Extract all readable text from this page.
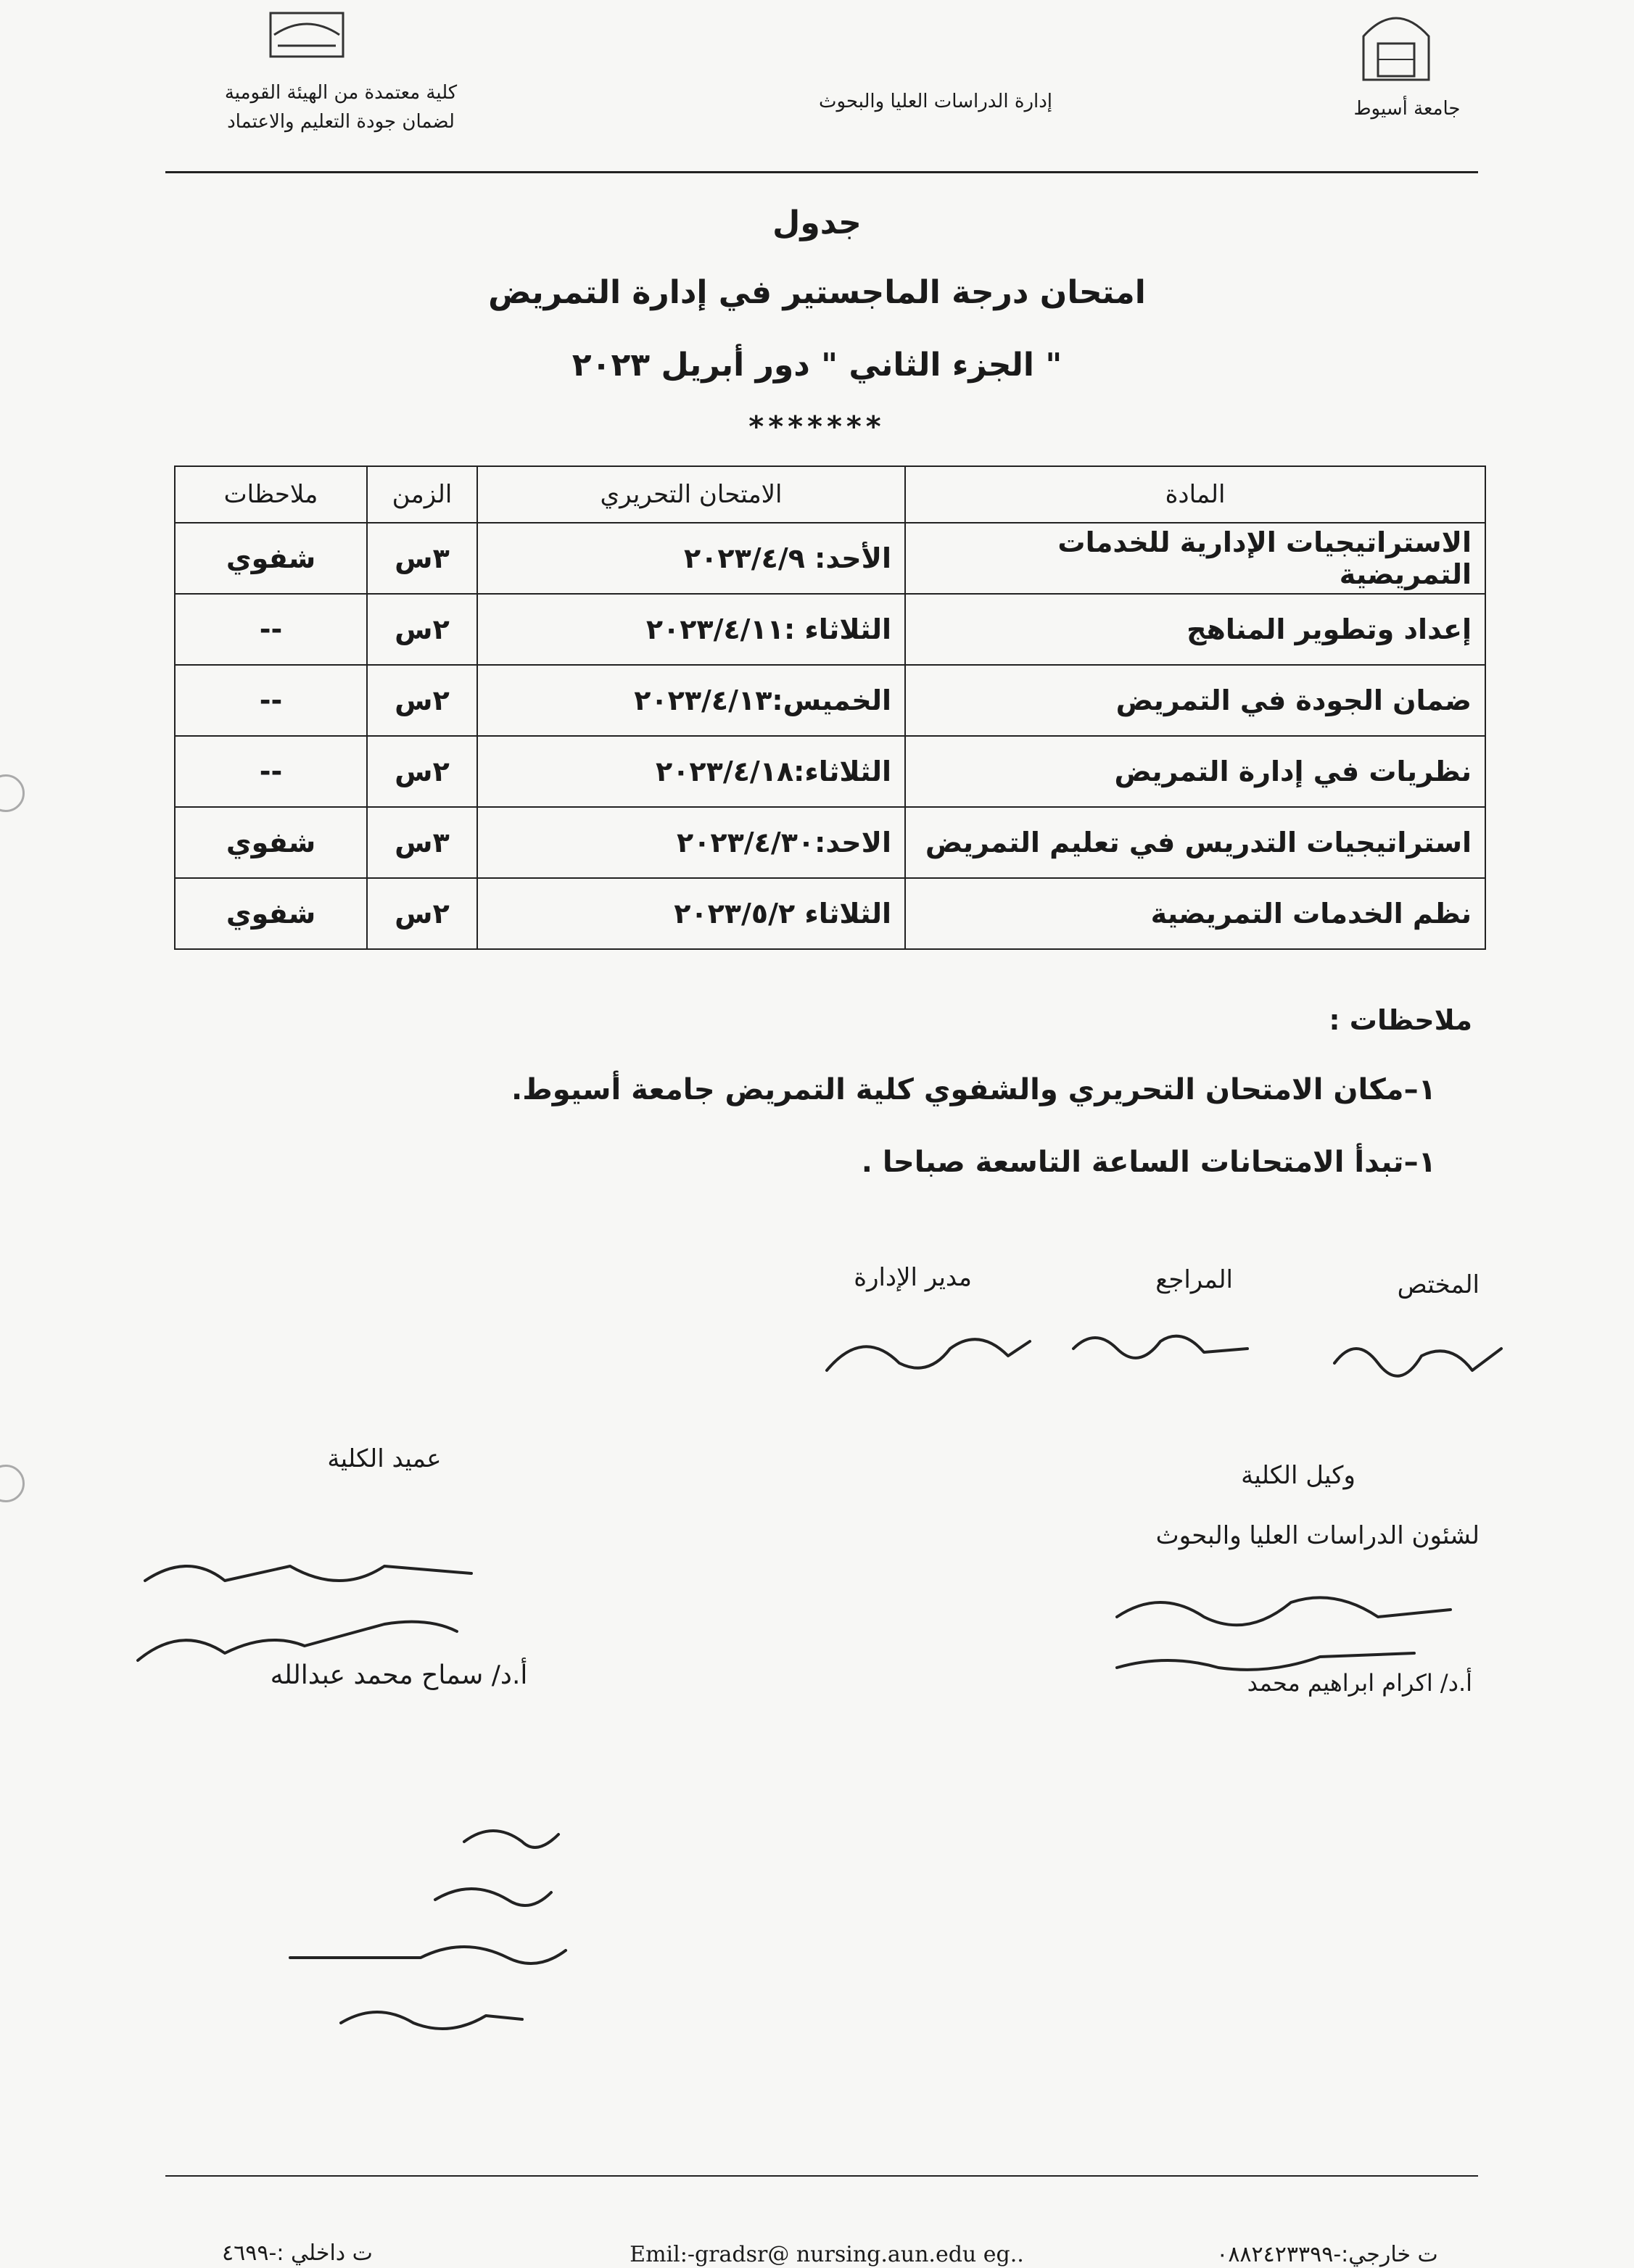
كلية معتمدة من الهيئة القومية
لضمان جودة التعليم والاعتماد
إدارة الدراسات العليا والبحوث	جامعة أسيوط
جدول
امتحان درجة الماجستير في إدارة التمريض
" الجزء الثاني " دور أبريل ٢٠٢٣
*******
المادة	الامتحان التحريري	الزمن	ملاحظات
الاستراتيجيات الإدارية للخدمات التمريضية	الأحد: ٢٠٢٣/٤/٩	٣س	شفوي
إعداد وتطوير المناهج	الثلاثاء :٢٠٢٣/٤/١١	٢س	--
ضمان الجودة في التمريض	الخميس:٢٠٢٣/٤/١٣	٢س	--
نظريات في إدارة التمريض	الثلاثاء:٢٠٢٣/٤/١٨	٢س	--
استراتيجيات التدريس في تعليم التمريض	الاحد:٢٠٢٣/٤/٣٠	٣س	شفوي
نظم الخدمات التمريضية	الثلاثاء ٢٠٢٣/٥/٢	٢س	شفوي
ملاحظات :
١–مكان الامتحان التحريري والشفوي كلية التمريض جامعة أسيوط.
١–تبدأ الامتحانات الساعة التاسعة صباحا .
المختص
المراجع
مدير الإدارة
عميد الكلية
وكيل الكلية
لشئون الدراسات العليا والبحوث
أ.د/ سماح محمد عبدالله	أ.د/ اكرام ابراهيم محمد
ت داخلي :-٤٦٩٩	Emil:-gradsr@ nursing.aun.edu eg..	ت خارجي:-٠٨٨٢٤٢٣٣٩٩
